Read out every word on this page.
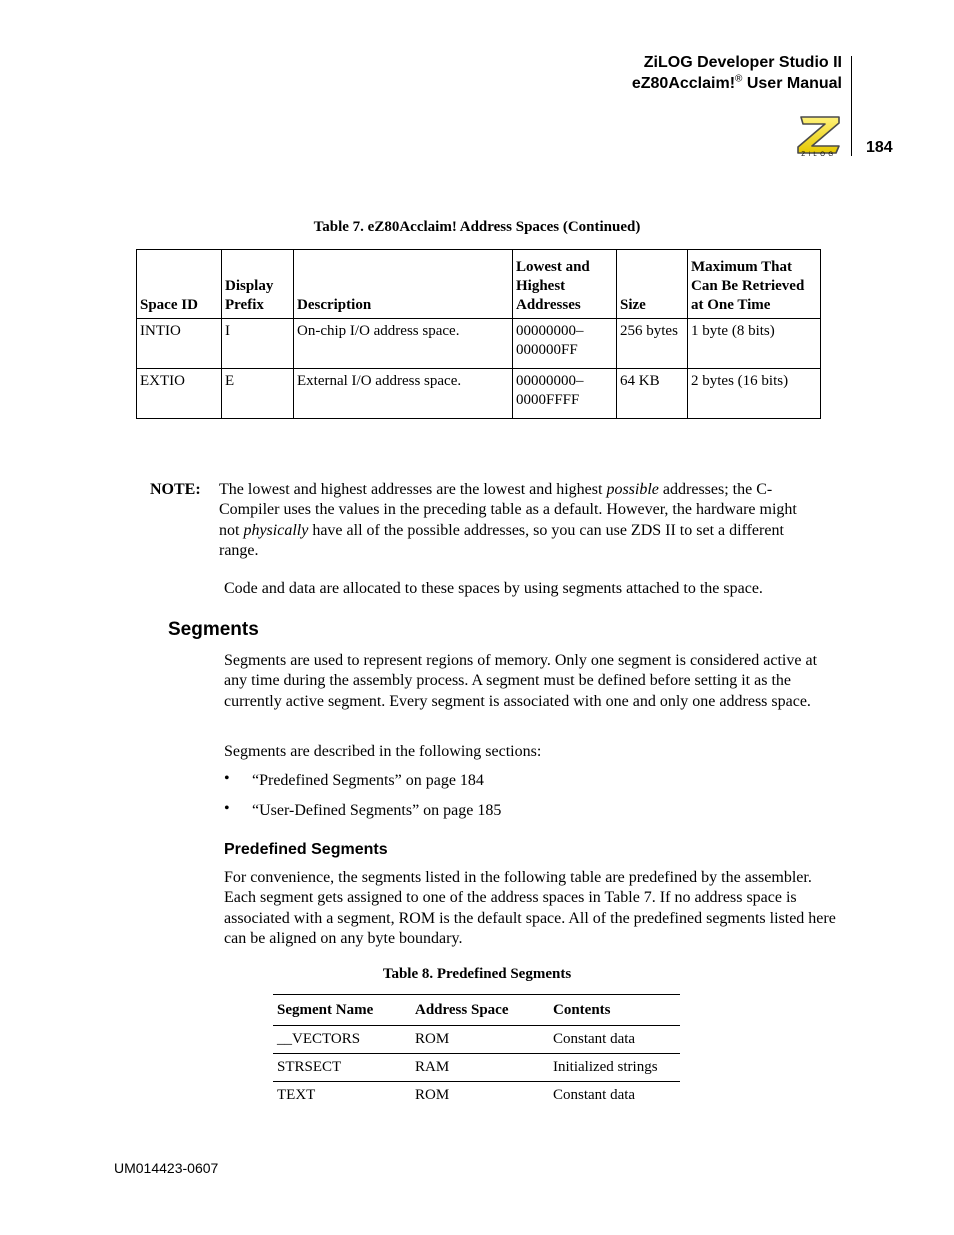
ZiLOG Developer Studio II
eZ80Acclaim!® User Manual
ZiLOG	184
Table 7. eZ80Acclaim! Address Spaces (Continued)
Space ID	Display Prefix	Description	Lowest and Highest Addresses	Size	Maximum That Can Be Retrieved at One Time
INTIO	I	On-chip I/O address space.	00000000–000000FF	256 bytes	1 byte (8 bits)
EXTIO	E	External I/O address space.	00000000–0000FFFF	64 KB	2 bytes (16 bits)
NOTE: The lowest and highest addresses are the lowest and highest possible addresses; the C-Compiler uses the values in the preceding table as a default. However, the hardware might not physically have all of the possible addresses, so you can use ZDS II to set a different range.
Code and data are allocated to these spaces by using segments attached to the space.
Segments
Segments are used to represent regions of memory. Only one segment is considered active at any time during the assembly process. A segment must be defined before setting it as the currently active segment. Every segment is associated with one and only one address space.
Segments are described in the following sections:
• “Predefined Segments” on page 184
• “User-Defined Segments” on page 185
Predefined Segments
For convenience, the segments listed in the following table are predefined by the assembler. Each segment gets assigned to one of the address spaces in Table 7. If no address space is associated with a segment, ROM is the default space. All of the predefined segments listed here can be aligned on any byte boundary.
Table 8. Predefined Segments
Segment Name	Address Space	Contents
__VECTORS	ROM	Constant data
STRSECT	RAM	Initialized strings
TEXT	ROM	Constant data
UM014423-0607
